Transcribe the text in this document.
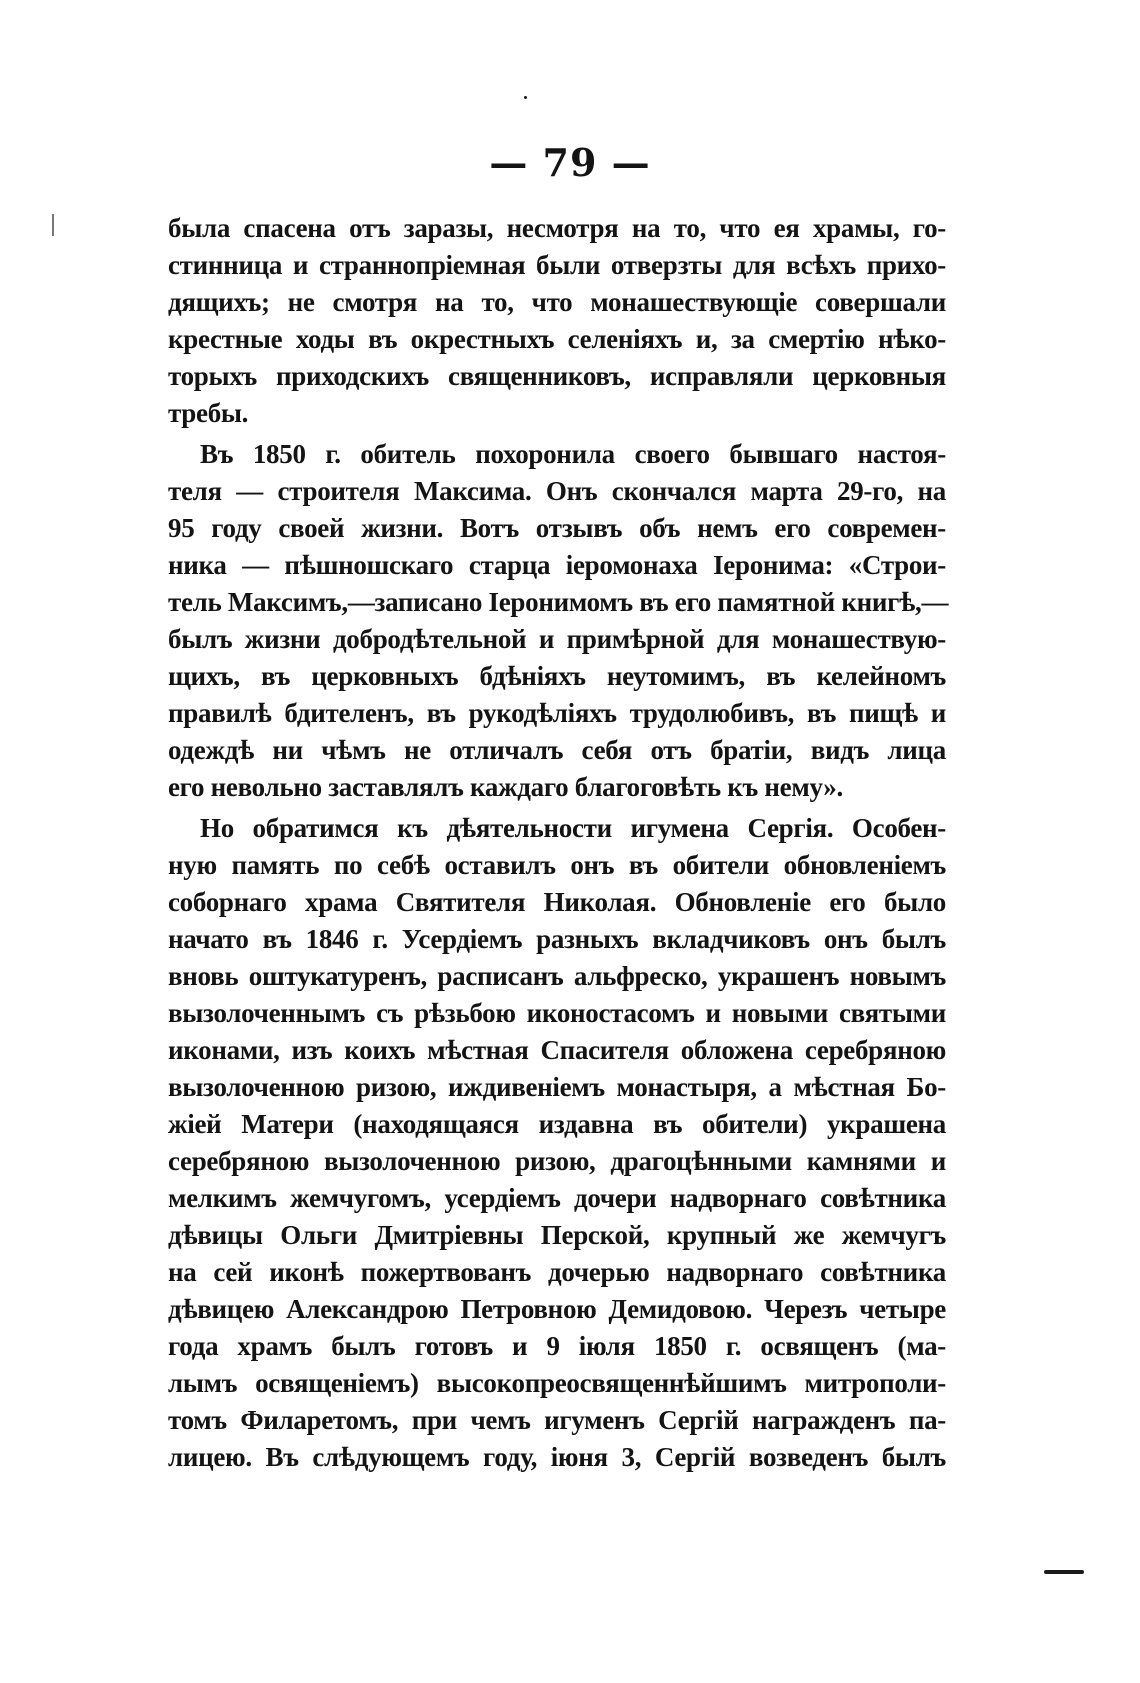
— 79 —
была спасена отъ заразы, несмотря на то, что ея храмы, го-
стинница и страннопріемная были отверзты для всѣхъ прихо-
дящихъ; не смотря на то, что монашествующіе совершали
крестные ходы въ окрестныхъ селеніяхъ и, за смертію нѣко-
торыхъ приходскихъ священниковъ, исправляли церковныя
требы.
Въ 1850 г. обитель похоронила своего бывшаго настоя-
теля — строителя Максима. Онъ скончался марта 29-го, на
95 году своей жизни. Вотъ отзывъ объ немъ его современ-
ника — пѣшношскаго старца іеромонаха Іеронима: «Строи-
тель Максимъ,—записано Іеронимомъ въ его памятной книгѣ,—
былъ жизни добродѣтельной и примѣрной для монашествую-
щихъ, въ церковныхъ бдѣніяхъ неутомимъ, въ келейномъ
правилѣ бдителенъ, въ рукодѣліяхъ трудолюбивъ, въ пищѣ и
одеждѣ ни чѣмъ не отличалъ себя отъ братіи, видъ лица
его невольно заставлялъ каждаго благоговѣть къ нему».
Но обратимся къ дѣятельности игумена Сергія. Особен-
ную память по себѣ оставилъ онъ въ обители обновленіемъ
соборнаго храма Святителя Николая. Обновленіе его было
начато въ 1846 г. Усердіемъ разныхъ вкладчиковъ онъ былъ
вновь оштукатуренъ, расписанъ альфреско, украшенъ новымъ
вызолоченнымъ съ рѣзьбою иконостасомъ и новыми святыми
иконами, изъ коихъ мѣстная Спасителя обложена серебряною
вызолоченною ризою, иждивеніемъ монастыря, а мѣстная Бо-
жіей Матери (находящаяся издавна въ обители) украшена
серебряною вызолоченною ризою, драгоцѣнными камнями и
мелкимъ жемчугомъ, усердіемъ дочери надворнаго совѣтника
дѣвицы Ольги Дмитріевны Перской, крупный же жемчугъ
на сей иконѣ пожертвованъ дочерью надворнаго совѣтника
дѣвицею Александрою Петровною Демидовою. Черезъ четыре
года храмъ былъ готовъ и 9 іюля 1850 г. освященъ (ма-
лымъ освященіемъ) высокопреосвященнѣйшимъ митрополи-
томъ Филаретомъ, при чемъ игуменъ Сергій награжденъ па-
лицею. Въ слѣдующемъ году, іюня 3, Сергій возведенъ былъ
